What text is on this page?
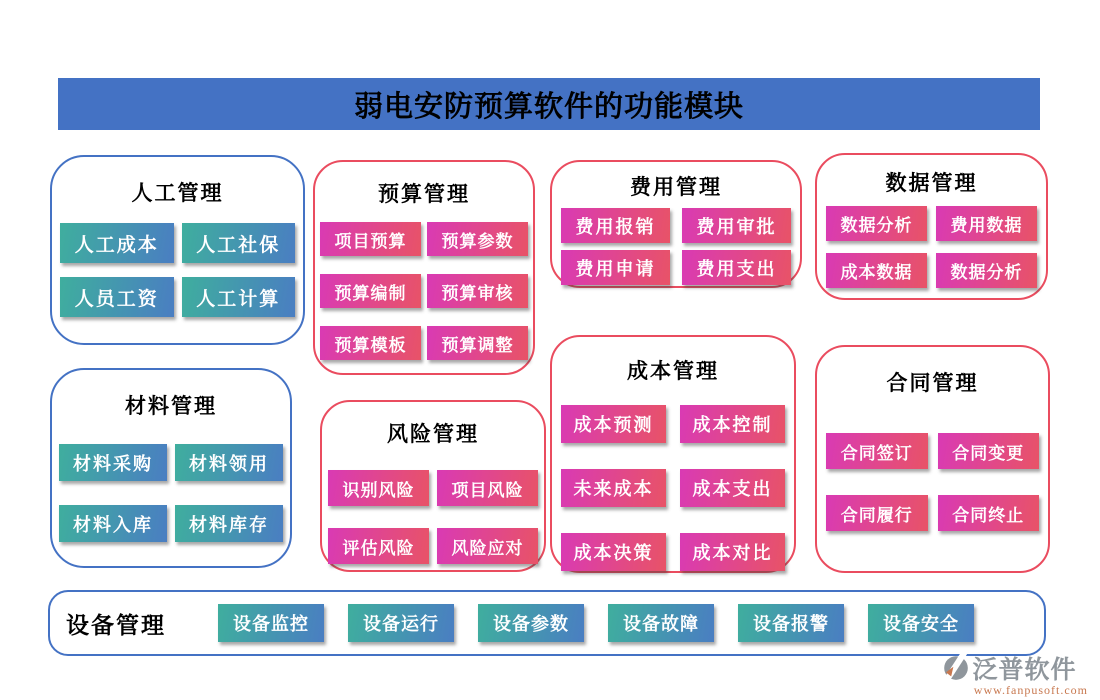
弱电安防预算软件的功能模块
人工管理
人工成本	人工社保
人员工资	人工计算
预算管理
项目预算	预算参数
预算编制	预算审核
预算模板	预算调整
费用管理
费用报销	费用审批
费用申请	费用支出
数据管理
数据分析	费用数据
成本数据	数据分析
材料管理
材料采购	材料领用
材料入库	材料库存
风险管理
识别风险	项目风险
评估风险	风险应对
成本管理
成本预测	成本控制
未来成本	成本支出
成本决策	成本对比
合同管理
合同签订	合同变更
合同履行	合同终止
设备管理	设备监控	设备运行	设备参数	设备故障	设备报警	设备安全
泛普软件
www.fanpusoft.com
